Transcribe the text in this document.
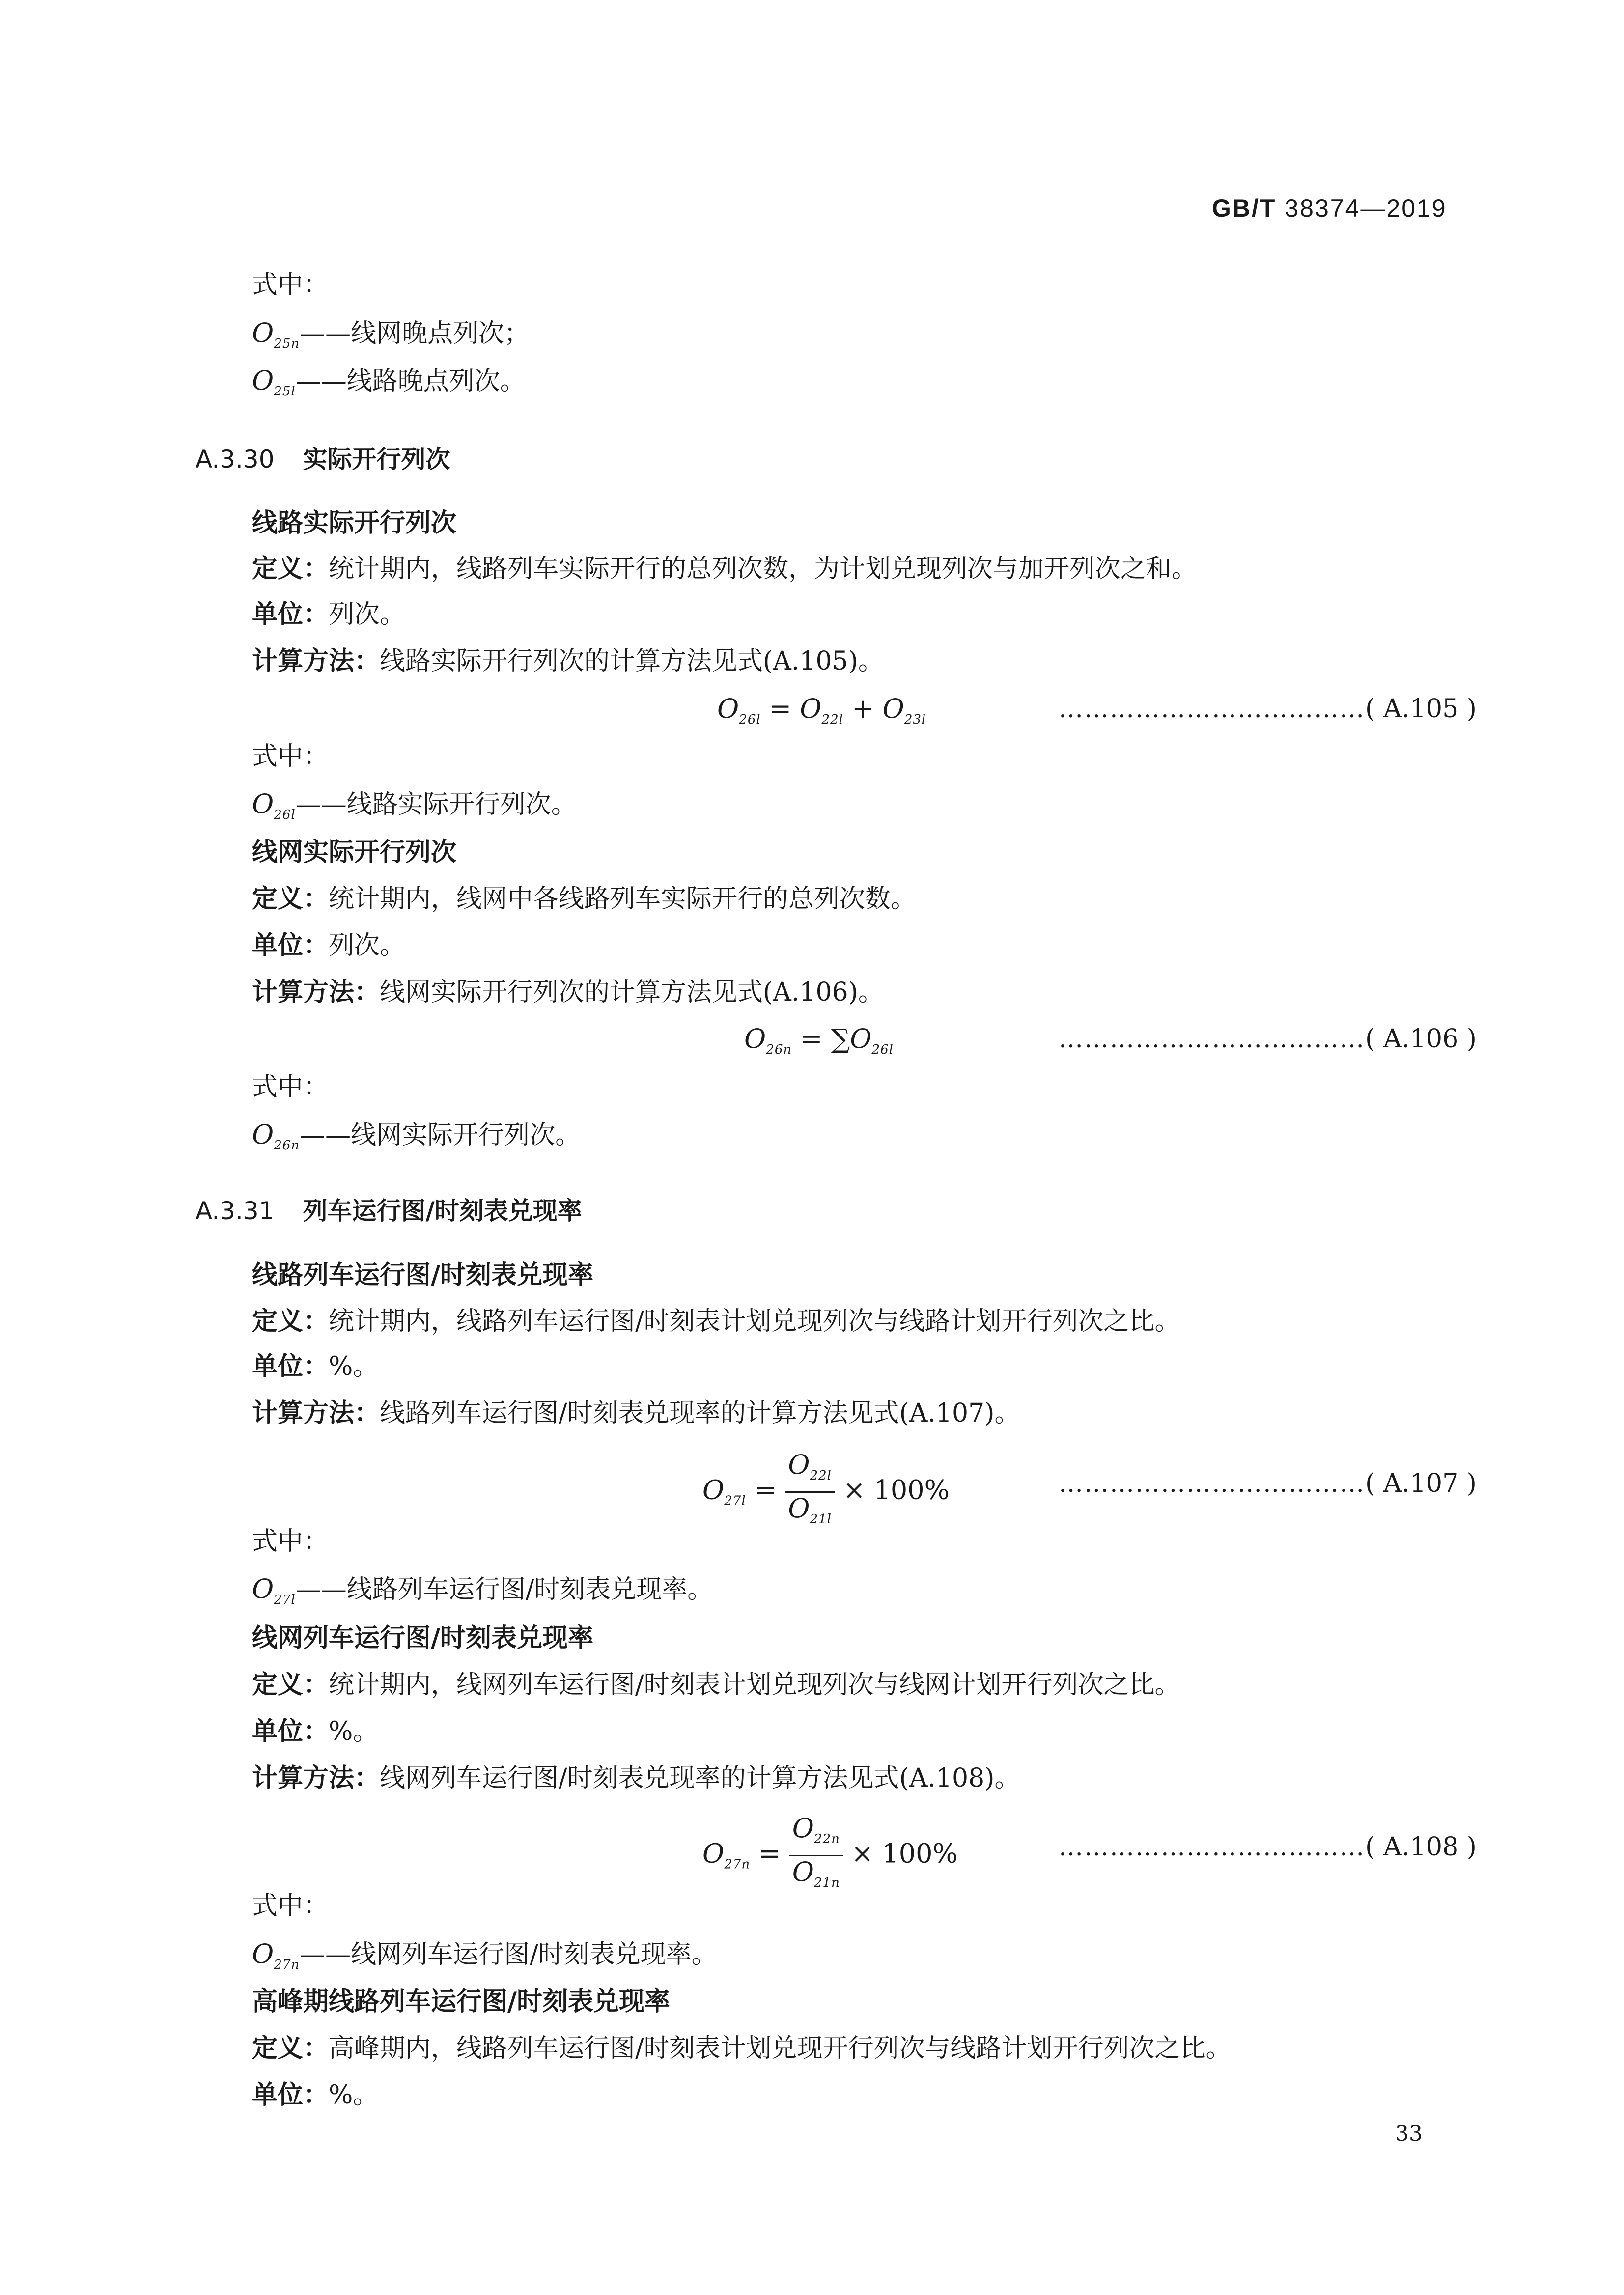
GB/T 38374—2019
式中：
$O_{25n}——$线网晚点列次；
$O_{25l}——$线路晚点列次。
A.3.30 实际开行列次
线路实际开行列次
定义：统计期内，线路列车实际开行的总列次数，为计划兑现列次与加开列次之和。
单位：列次。
计算方法：线路实际开行列次的计算方法见式(A.105)。
$O_{26l} = O_{22l} + O_{23l}$	………………………………( A.105 )
式中：
$O_{26l}——$线路实际开行列次。
线网实际开行列次
定义：统计期内，线网中各线路列车实际开行的总列次数。
单位：列次。
计算方法：线网实际开行列次的计算方法见式(A.106)。
$O_{26n} = \sum O_{26l}$	………………………………( A.106 )
式中：
$O_{26n}——$线网实际开行列次。
A.3.31 列车运行图/时刻表兑现率
线路列车运行图/时刻表兑现率
定义：统计期内，线路列车运行图/时刻表计划兑现列次与线路计划开行列次之比。
单位：%。
计算方法：线路列车运行图/时刻表兑现率的计算方法见式(A.107)。
$O_{27l} = \frac{O_{22l}}{O_{21l}} \times 100\%$	………………………………( A.107 )
式中：
$O_{27l}——$线路列车运行图/时刻表兑现率。
线网列车运行图/时刻表兑现率
定义：统计期内，线网列车运行图/时刻表计划兑现列次与线网计划开行列次之比。
单位：%。
计算方法：线网列车运行图/时刻表兑现率的计算方法见式(A.108)。
$O_{27n} = \frac{O_{22n}}{O_{21n}} \times 100\%$	………………………………( A.108 )
式中：
$O_{27n}——$线网列车运行图/时刻表兑现率。
高峰期线路列车运行图/时刻表兑现率
定义：高峰期内，线路列车运行图/时刻表计划兑现开行列次与线路计划开行列次之比。
单位：%。
33
